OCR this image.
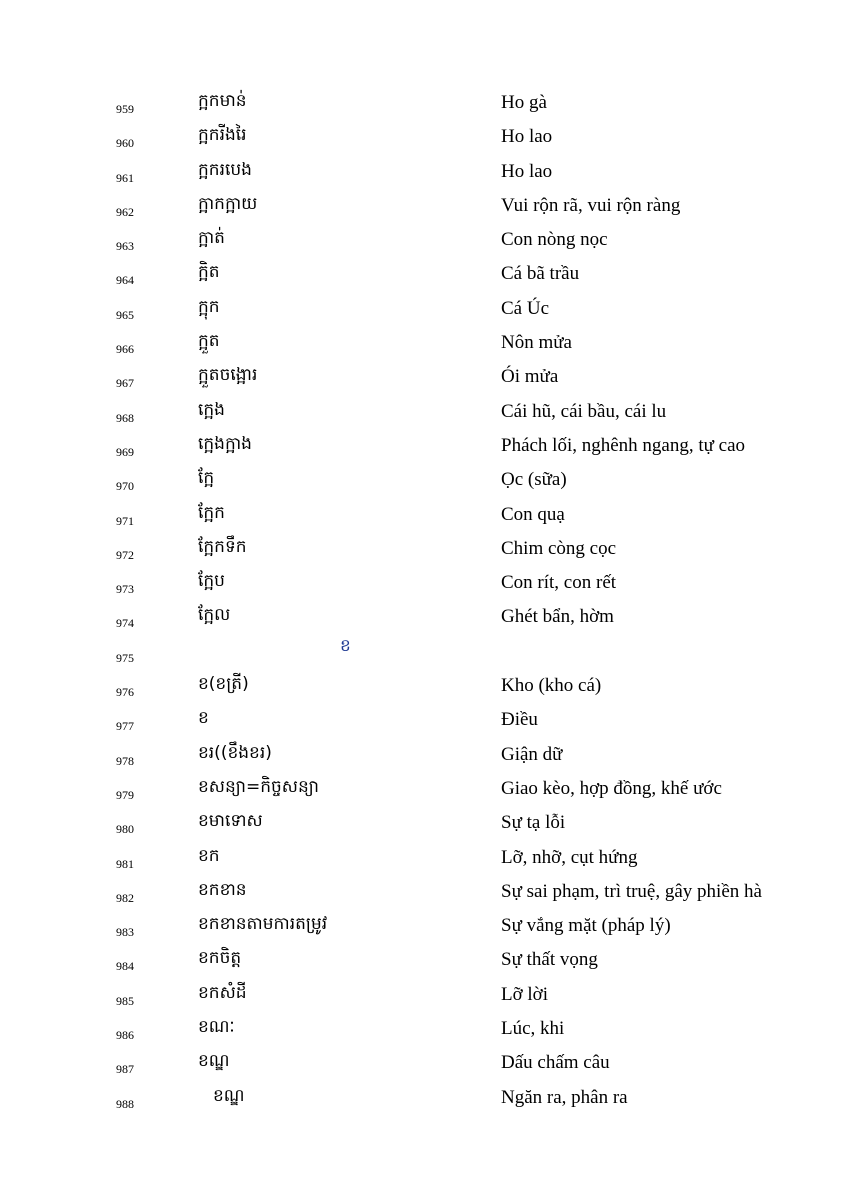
959	ក្អកមាន់	Ho gà
960	ក្អករីងរៃ	Ho lao
961	ក្អករបេង	Ho lao
962	ក្អាកក្អាយ	Vui rộn rã, vui rộn ràng
963	ក្អាត់	Con nòng nọc
964	ក្អិត	Cá bã trầu
965	ក្អុក	Cá Úc
966	ក្អួត	Nôn mửa
967	ក្អួតចង្អោរ	Ói mửa
968	ក្អេង	Cái hũ, cái bầu, cái lu
969	ក្អេងក្អាង	Phách lối, nghênh ngang, tự cao
970	ក្អែ	Ọc (sữa)
971	ក្អែក	Con quạ
972	ក្អែកទឹក	Chim còng cọc
973	ក្អែប	Con rít, con rết
974	ក្អែល	Ghét bẩn, hờm
975
ខ
976	ខ(ខត្រី)	Kho (kho cá)
977	ខ	Điều
978	ខរ((ខឹងខរ)	Giận dữ
979	ខសន្យា=កិច្ចសន្យា	Giao kèo, hợp đồng, khế ước
980	ខមាទោស	Sự tạ lỗi
981	ខក	Lỡ, nhỡ, cụt hứng
982	ខកខាន	Sự sai phạm, trì truệ, gây phiền hà
983	ខកខានតាមការតម្រូវ	Sự vắng mặt (pháp lý)
984	ខកចិត្ត	Sự thất vọng
985	ខកសំដី	Lỡ lời
986	ខណៈ	Lúc, khi
987	ខណ្ឌ	Dấu chấm câu
988	ខណ្ឌ	Ngăn ra, phân ra
